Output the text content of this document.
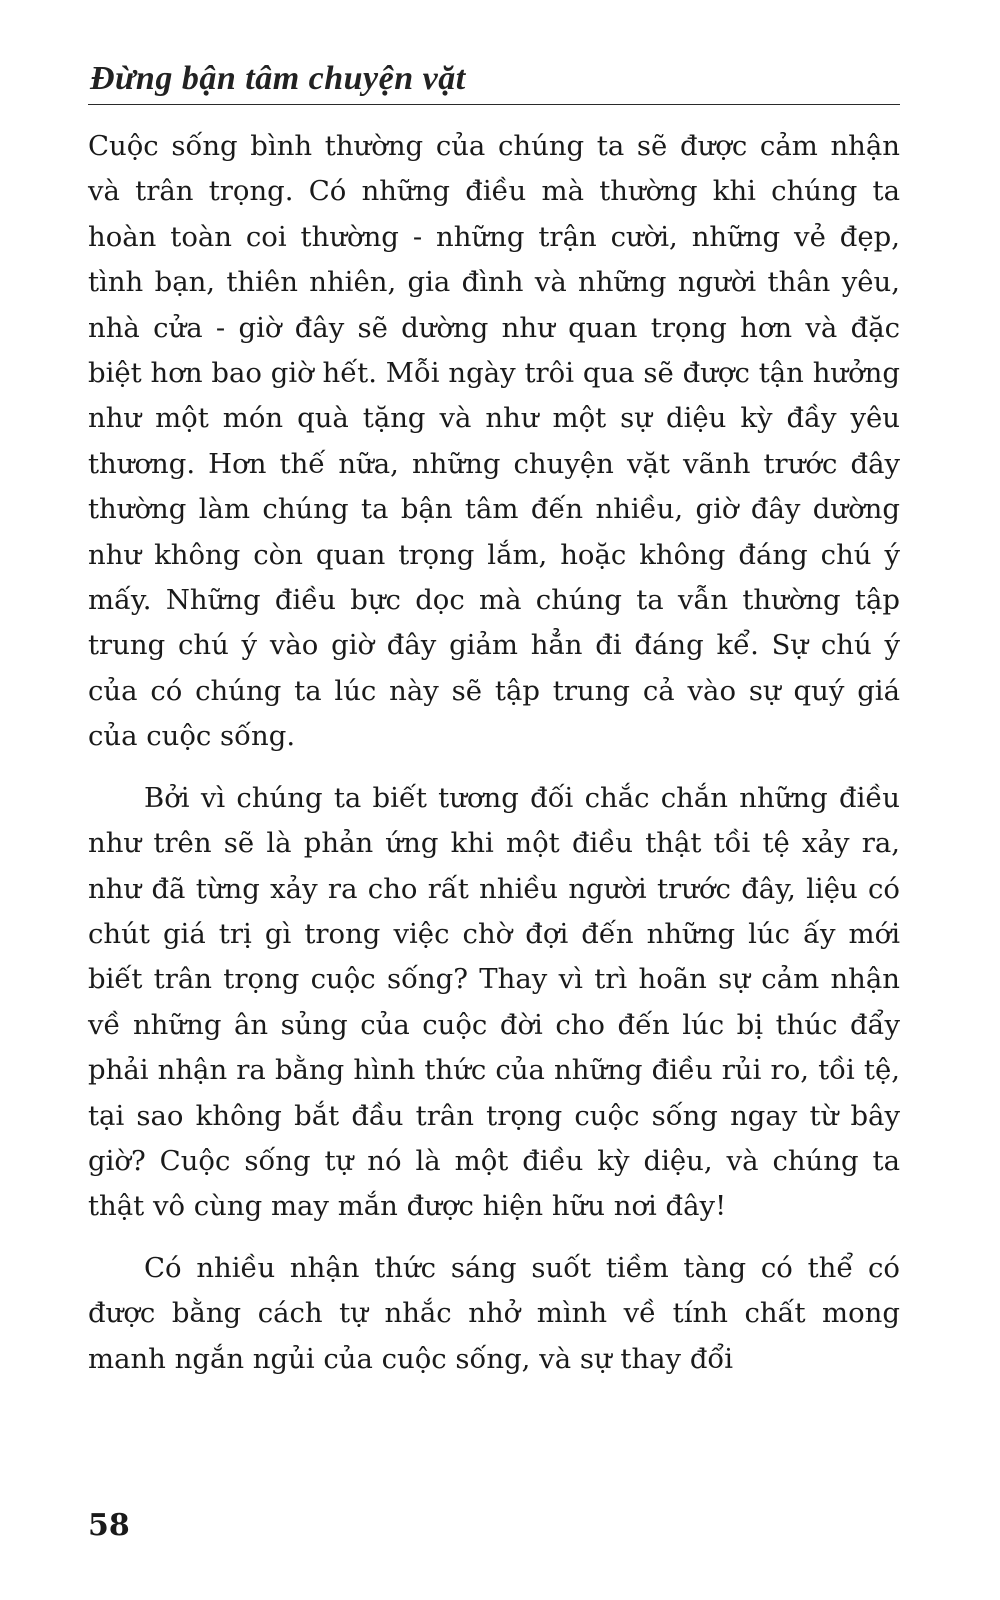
Đừng bận tâm chuyện vặt

Cuộc sống bình thường của chúng ta sẽ được cảm nhận và trân trọng. Có những điều mà thường khi chúng ta hoàn toàn coi thường - những trận cười, những vẻ đẹp, tình bạn, thiên nhiên, gia đình và những người thân yêu, nhà cửa - giờ đây sẽ dường như quan trọng hơn và đặc biệt hơn bao giờ hết. Mỗi ngày trôi qua sẽ được tận hưởng như một món quà tặng và như một sự diệu kỳ đầy yêu thương. Hơn thế nữa, những chuyện vặt vãnh trước đây thường làm chúng ta bận tâm đến nhiều, giờ đây dường như không còn quan trọng lắm, hoặc không đáng chú ý mấy. Những điều bực dọc mà chúng ta vẫn thường tập trung chú ý vào giờ đây giảm hẳn đi đáng kể. Sự chú ý của có chúng ta lúc này sẽ tập trung cả vào sự quý giá của cuộc sống.

Bởi vì chúng ta biết tương đối chắc chắn những điều như trên sẽ là phản ứng khi một điều thật tồi tệ xảy ra, như đã từng xảy ra cho rất nhiều người trước đây, liệu có chút giá trị gì trong việc chờ đợi đến những lúc ấy mới biết trân trọng cuộc sống? Thay vì trì hoãn sự cảm nhận về những ân sủng của cuộc đời cho đến lúc bị thúc đẩy phải nhận ra bằng hình thức của những điều rủi ro, tồi tệ, tại sao không bắt đầu trân trọng cuộc sống ngay từ bây giờ? Cuộc sống tự nó là một điều kỳ diệu, và chúng ta thật vô cùng may mắn được hiện hữu nơi đây!

Có nhiều nhận thức sáng suốt tiềm tàng có thể có được bằng cách tự nhắc nhở mình về tính chất mong manh ngắn ngủi của cuộc sống, và sự thay đổi

58
